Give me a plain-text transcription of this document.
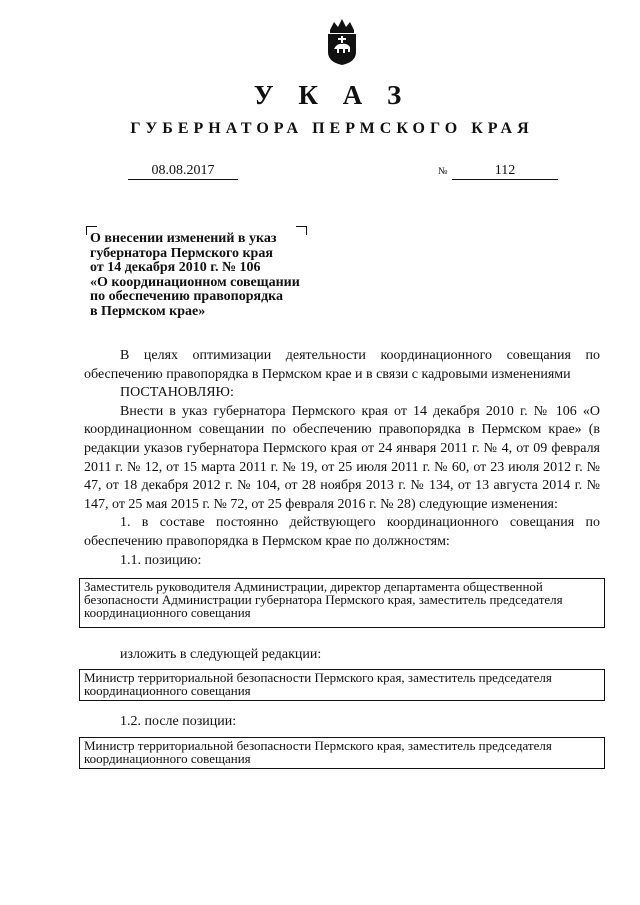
У К А З
ГУБЕРНАТОРА ПЕРМСКОГО КРАЯ
08.08.2017	№	112
О внесении изменений в указ
губернатора Пермского края
от 14 декабря 2010 г. № 106
«О координационном совещании
по обеспечению правопорядка
в Пермском крае»

В целях оптимизации деятельности координационного совещания по обеспечению правопорядка в Пермском крае и в связи с кадровыми изменениями

ПОСТАНОВЛЯЮ:

Внести в указ губернатора Пермского края от 14 декабря 2010 г. № 106 «О координационном совещании по обеспечению правопорядка в Пермском крае» (в редакции указов губернатора Пермского края от 24 января 2011 г. № 4, от 09 февраля 2011 г. № 12, от 15 марта 2011 г. № 19, от 25 июля 2011 г. № 60, от 23 июля 2012 г. № 47, от 18 декабря 2012 г. № 104, от 28 ноября 2013 г. № 134, от 13 августа 2014 г. № 147, от 25 мая 2015 г. № 72, от 25 февраля 2016 г. № 28) следующие изменения:

1. в составе постоянно действующего координационного совещания по обеспечению правопорядка в Пермском крае по должностям:

1.1. позицию:

Заместитель руководителя Администрации, директор департамента общественной безопасности Администрации губернатора Пермского края, заместитель председателя координационного совещания

изложить в следующей редакции:

Министр территориальной безопасности Пермского края, заместитель председателя координационного совещания

1.2. после позиции:

Министр территориальной безопасности Пермского края, заместитель председателя координационного совещания
